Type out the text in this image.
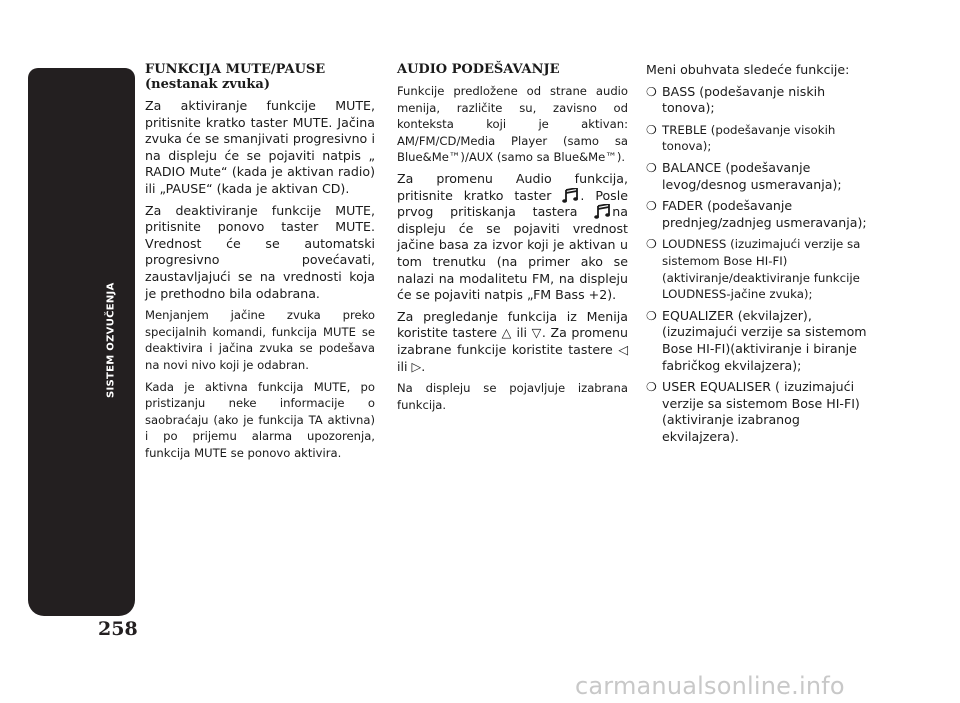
SISTEM OZVUČENJA
258
FUNKCIJA MUTE/PAUSE (nestanak zvuka)

Za aktiviranje funkcije MUTE, pritisnite kratko taster MUTE. Jačina zvuka će se smanjivati progresivno i na displeju će se pojaviti natpis „ RADIO Mute“ (kada je aktivan radio) ili „PAUSE“ (kada je aktivan CD).

Za deaktiviranje funkcije MUTE, pritisnite ponovo taster MUTE. Vrednost će se automatski progresivno povećavati, zaustavljajući se na vrednosti koja je prethodno bila odabrana.

Menjanjem jačine zvuka preko specijalnih komandi, funkcija MUTE se deaktivira i jačina zvuka se podešava na novi nivo koji je odabran.

Kada je aktivna funkcija MUTE, po pristizanju neke informacije o saobraćaju (ako je funkcija TA aktivna) i po prijemu alarma upozorenja, funkcija MUTE se ponovo aktivira.

AUDIO PODEŠAVANJE

Funkcije predložene od strane audio menija, različite su, zavisno od konteksta koji je aktivan: AM/FM/CD/Media Player (samo sa Blue&Me™)/AUX (samo sa Blue&Me™).

Za promenu Audio funkcija, pritisnite kratko taster . Posle prvog pritiskanja tastera	na displeju će se pojaviti vrednost jačine basa za izvor koji je aktivan u tom trenutku (na primer ako se nalazi na modalitetu FM, na displeju će se pojaviti natpis „FM Bass +2).

Za pregledanje funkcija iz Menija koristite tastere △ ili ▽. Za promenu izabrane funkcije koristite tastere ◁ ili ▷.

Na displeju se pojavljuje izabrana funkcija.

Meni obuhvata sledeće funkcije:

❍ BASS (podešavanje niskih tonova);
❍ TREBLE (podešavanje visokih tonova);
❍ BALANCE (podešavanje levog/desnog usmeravanja);
❍ FADER (podešavanje prednjeg/zadnjeg usmeravanja);
❍ LOUDNESS (izuzimajući verzije sa sistemom Bose HI-FI) (aktiviranje/deaktiviranje funkcije LOUDNESS-jačine zvuka);
❍ EQUALIZER (ekvilajzer),(izuzimajući verzije sa sistemom Bose HI-FI)(aktiviranje i biranje fabričkog ekvilajzera);
❍ USER EQUALISER ( izuzimajući verzije sa sistemom Bose HI-FI) (aktiviranje izabranog ekvilajzera).
carmanualsonline.info
